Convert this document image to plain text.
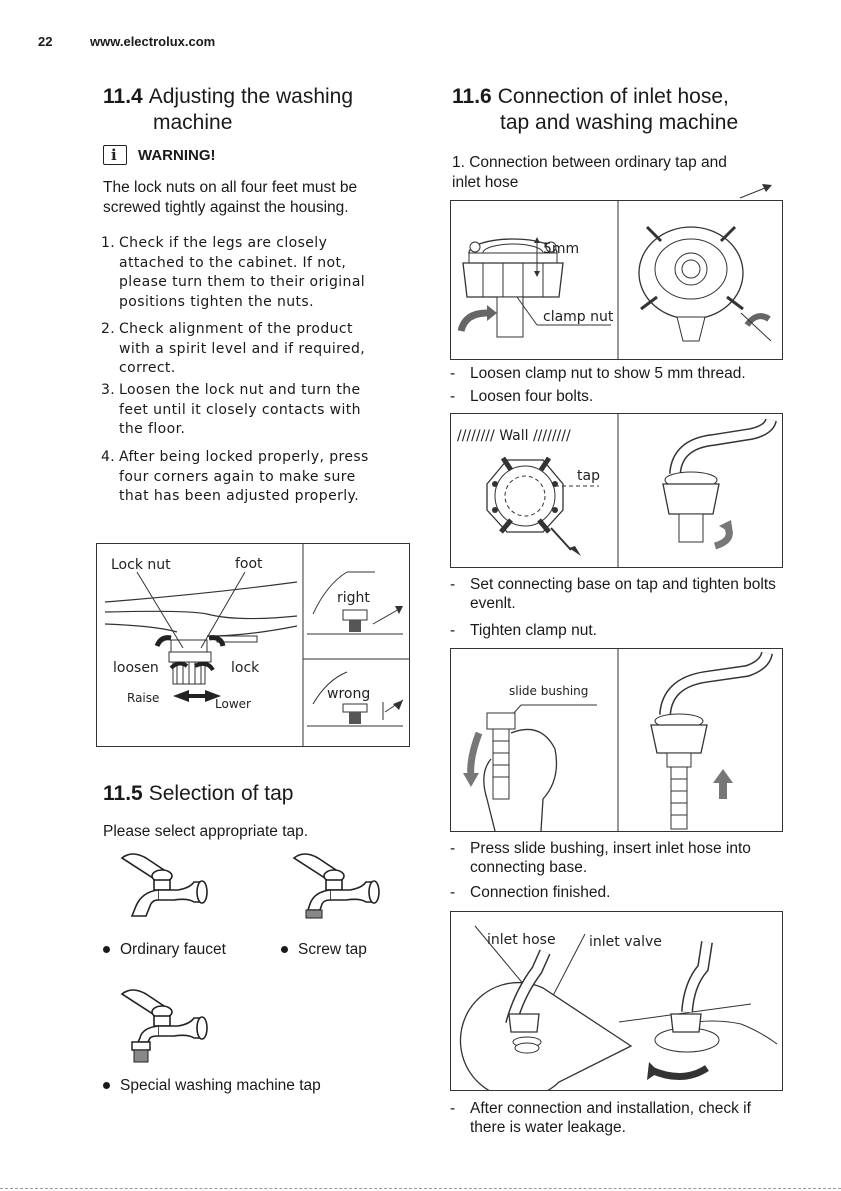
22	www.electrolux.com
11.4 Adjusting the washing
machine
i WARNING!
The lock nuts on all four feet must be
screwed tightly against the housing.
1. Check if the legs are closely attached to the cabinet. If not, please turn them to their original positions tighten the nuts.
2. Check alignment of the product with a spirit level and if required, correct.
3. Loosen the lock nut and turn the feet until it closely contacts with the floor.
4. After being locked properly, press four corners again to make sure that has been adjusted properly.
Lock nut	foot
loosen	lock
Raise	Lower
right
wrong
11.5 Selection of tap
Please select appropriate tap.
Ordinary faucet	Screw tap
Special washing machine tap
11.6 Connection of inlet hose,
tap and washing machine
1. Connection between ordinary tap and
inlet hose
5mm
clamp nut
- Loosen clamp nut to show 5 mm thread.
- Loosen four bolts.
//////// Wall ////////
tap
- Set connecting base on tap and tighten bolts evenlt.
- Tighten clamp nut.
slide bushing
- Press slide bushing, insert inlet hose into connecting base.
- Connection finished.
inlet hose inlet valve
- After connection and installation, check if there is water leakage.
